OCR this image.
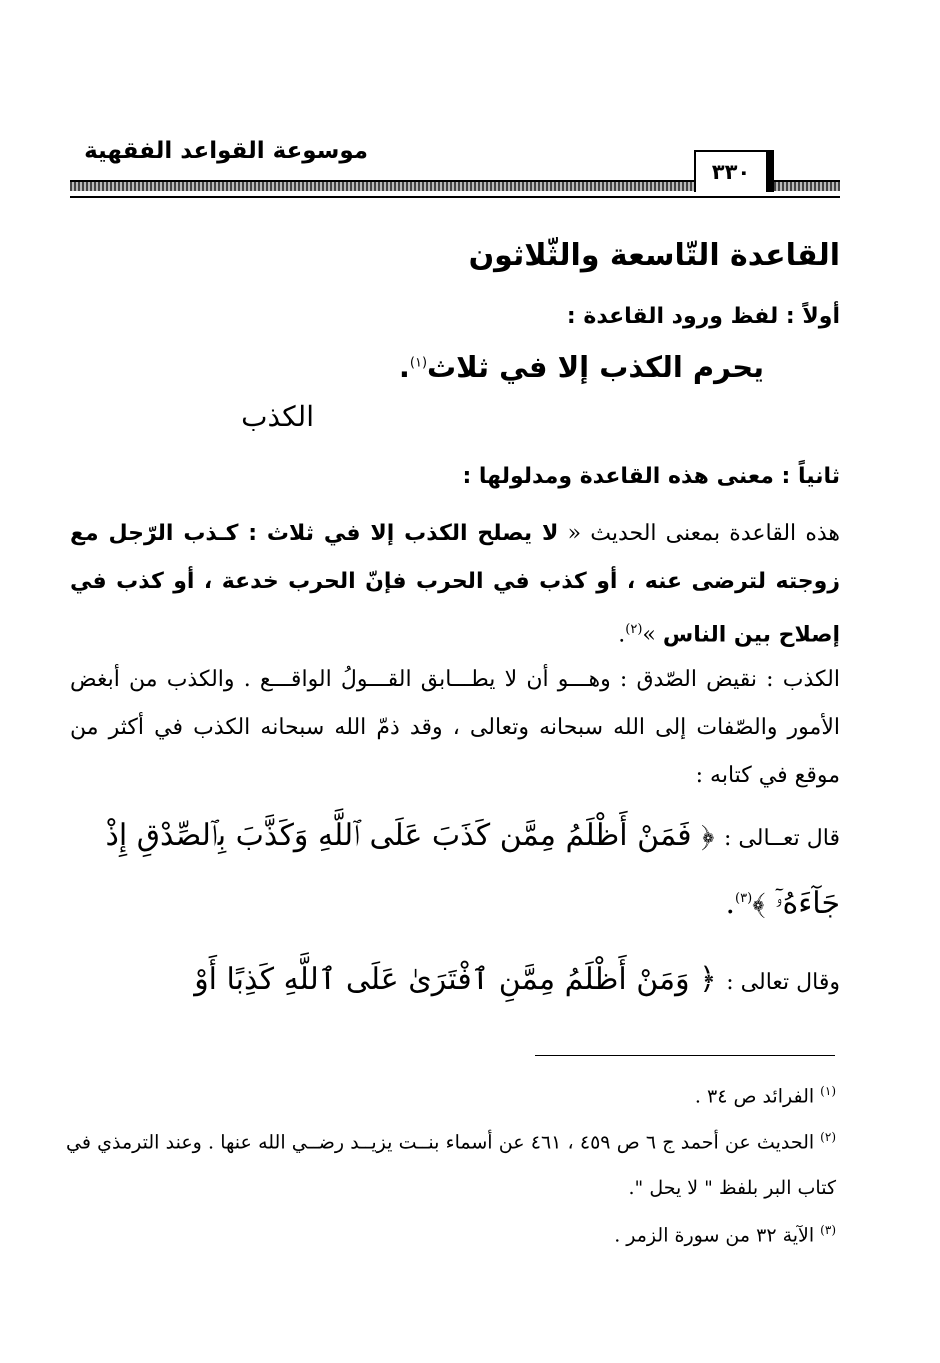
موسوعة القواعد الفقهية
٣٣٠
القاعدة التّاسعة والثّلاثون
أولاً : لفظ ورود القاعدة :
يحرم الكذب إلا في ثلاث$^{(١)}$.
الكذب
ثانياً : معنى هذه القاعدة ومدلولها :
هذه القاعدة بمعنى الحديث « لا يصلح الكذب إلا في ثلاث : كـذب الرّجل مع زوجته لترضى عنه ، أو كذب في الحرب فإنّ الحرب خدعة ، أو كذب في إصلاح بين الناس »$^{(٢)}$.
الكذب : نقيض الصّدق : وهـــو أن لا يطـــابق القـــولُ الواقـــع . والكذب من أبغض الأمور والصّفات إلى الله سبحانه وتعالى ، وقد ذمّ الله سبحانه الكذب في أكثر من موقع في كتابه :
قال تعــالى : ﴿ فَمَنْ أَظْلَمُ مِمَّن كَذَبَ عَلَى ٱللَّهِ وَكَذَّبَ بِٱلصِّدْقِ إِذْ جَآءَهُۥٓ ﴾$^{(٣)}$.
وقال تعالى : ﴿ وَمَنْ أَظْلَمُ مِمَّنِ ٱفْتَرَىٰ عَلَى ٱللَّهِ كَذِبًا أَوْ
$^{(١)}$الفرائد ص ٣٤ .
$^{(٢)}$الحديث عن أحمد ج ٦ ص ٤٥٩ ، ٤٦١ عن أسماء بنــت يزيــد رضــي الله عنها . وعند الترمذي في كتاب البر بلفظ " لا يحل ".
$^{(٣)}$الآية ٣٢ من سورة الزمر .
